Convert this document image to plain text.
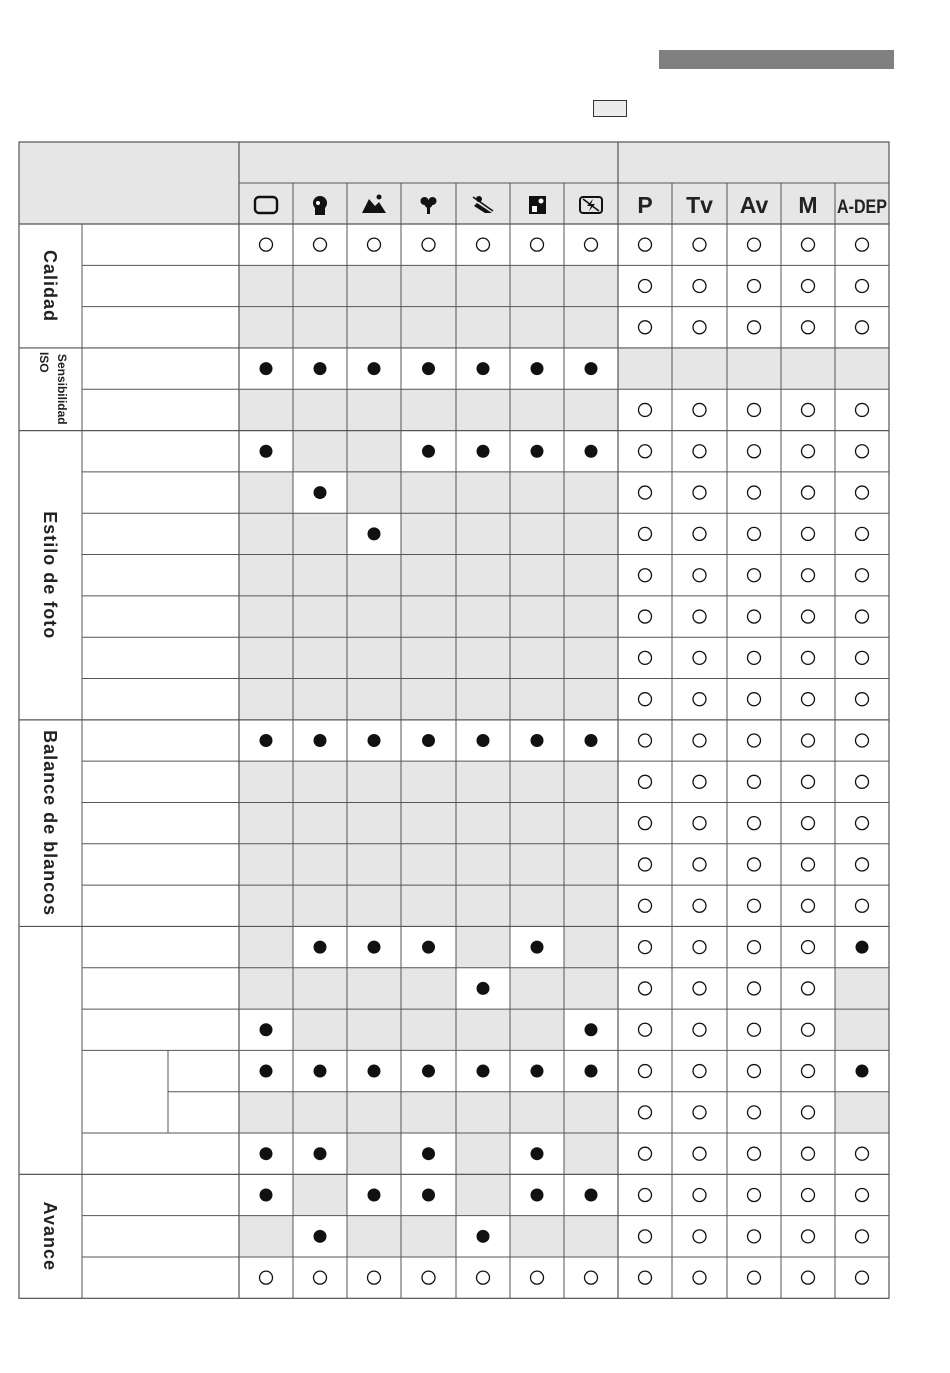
P Tv Av M A-DEP
Calidad
Sensibilidad
ISO
Estilo de foto
Balance de blancos
Avance
